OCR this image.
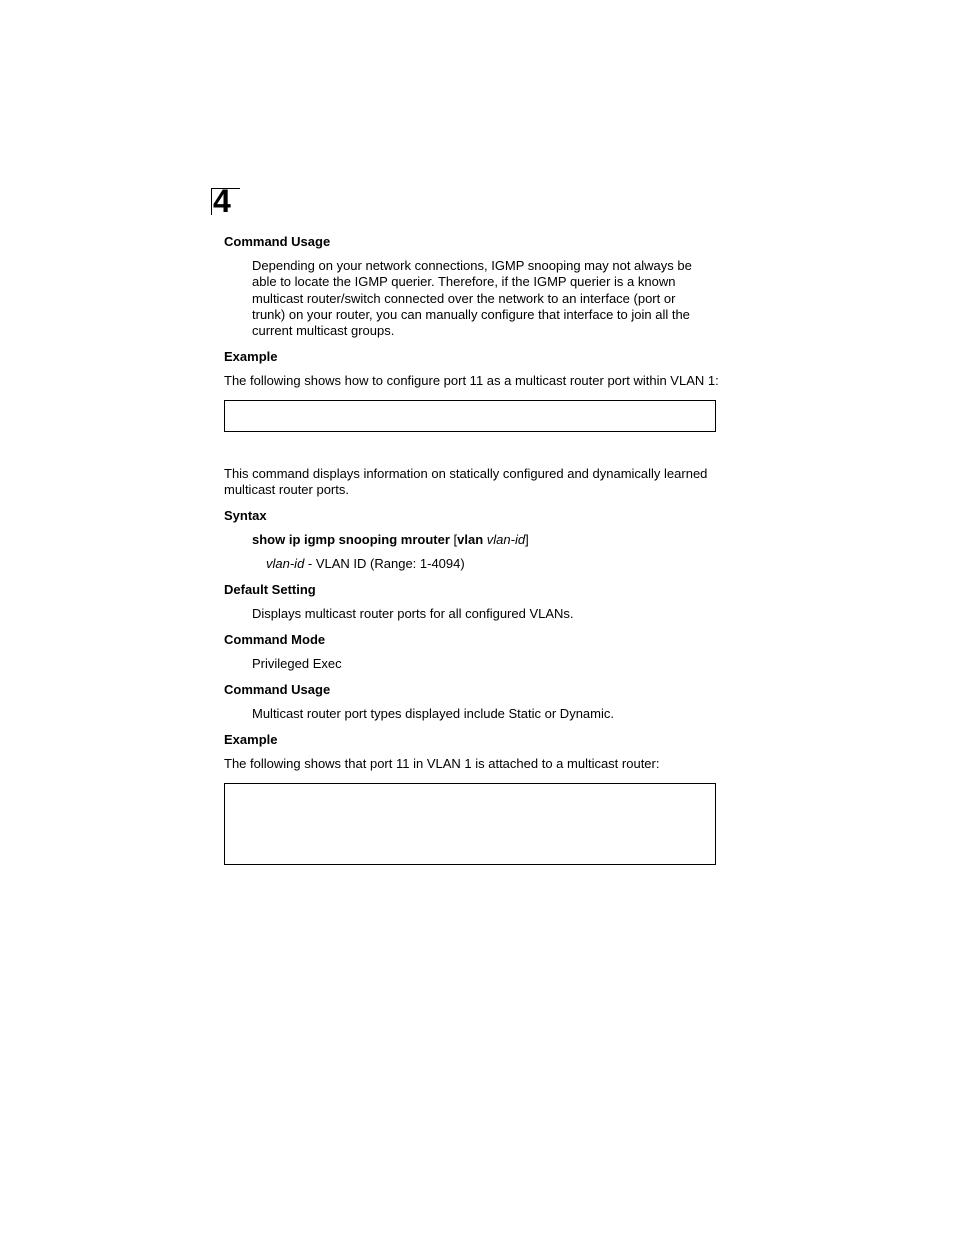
4
Command Usage
Depending on your network connections, IGMP snooping may not always be able to locate the IGMP querier. Therefore, if the IGMP querier is a known multicast router/switch connected over the network to an interface (port or trunk) on your router, you can manually configure that interface to join all the current multicast groups.
Example
The following shows how to configure port 11 as a multicast router port within VLAN 1:
This command displays information on statically configured and dynamically learned multicast router ports.
Syntax
show ip igmp snooping mrouter [vlan vlan-id]
vlan-id - VLAN ID (Range: 1-4094)
Default Setting
Displays multicast router ports for all configured VLANs.
Command Mode
Privileged Exec
Command Usage
Multicast router port types displayed include Static or Dynamic.
Example
The following shows that port 11 in VLAN 1 is attached to a multicast router:
